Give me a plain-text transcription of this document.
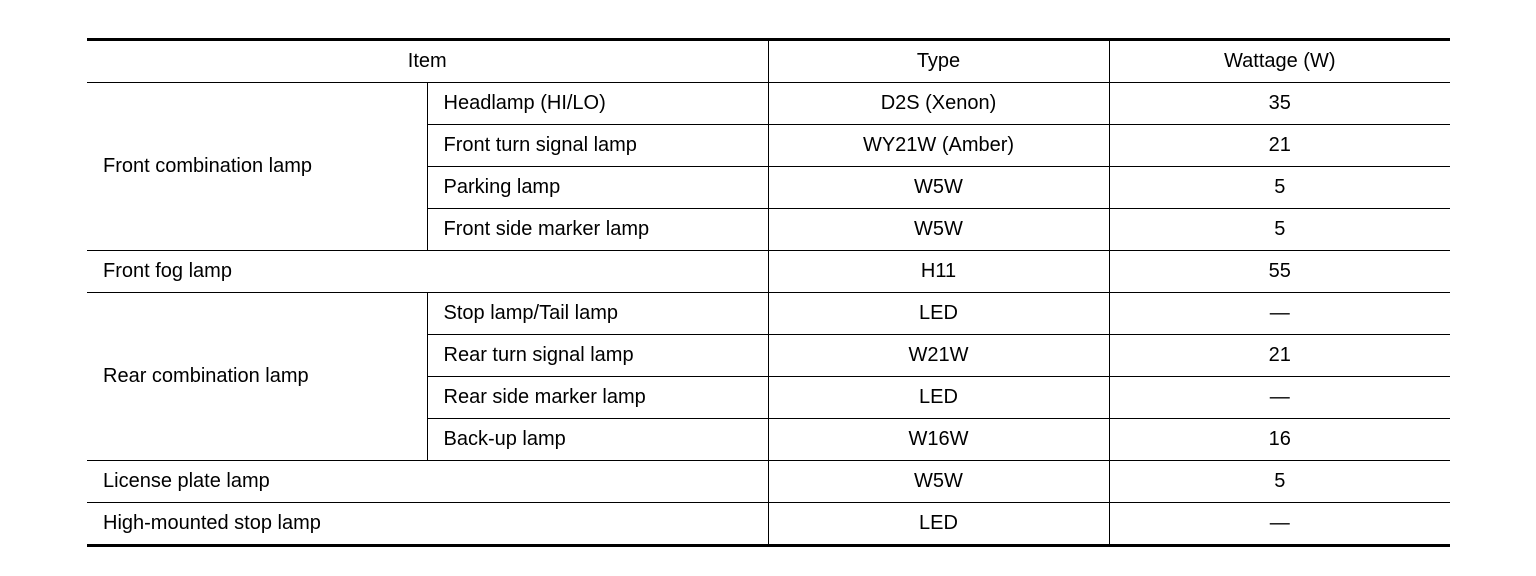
Item		Type	Wattage (W)
Front combination lamp	Headlamp (HI/LO)	D2S (Xenon)	35
	Front turn signal lamp	WY21W (Amber)	21
	Parking lamp	W5W	5
	Front side marker lamp	W5W	5
Front fog lamp		H11	55
Rear combination lamp	Stop lamp/Tail lamp	LED	—
	Rear turn signal lamp	W21W	21
	Rear side marker lamp	LED	—
	Back-up lamp	W16W	16
License plate lamp		W5W	5
High-mounted stop lamp		LED	—
